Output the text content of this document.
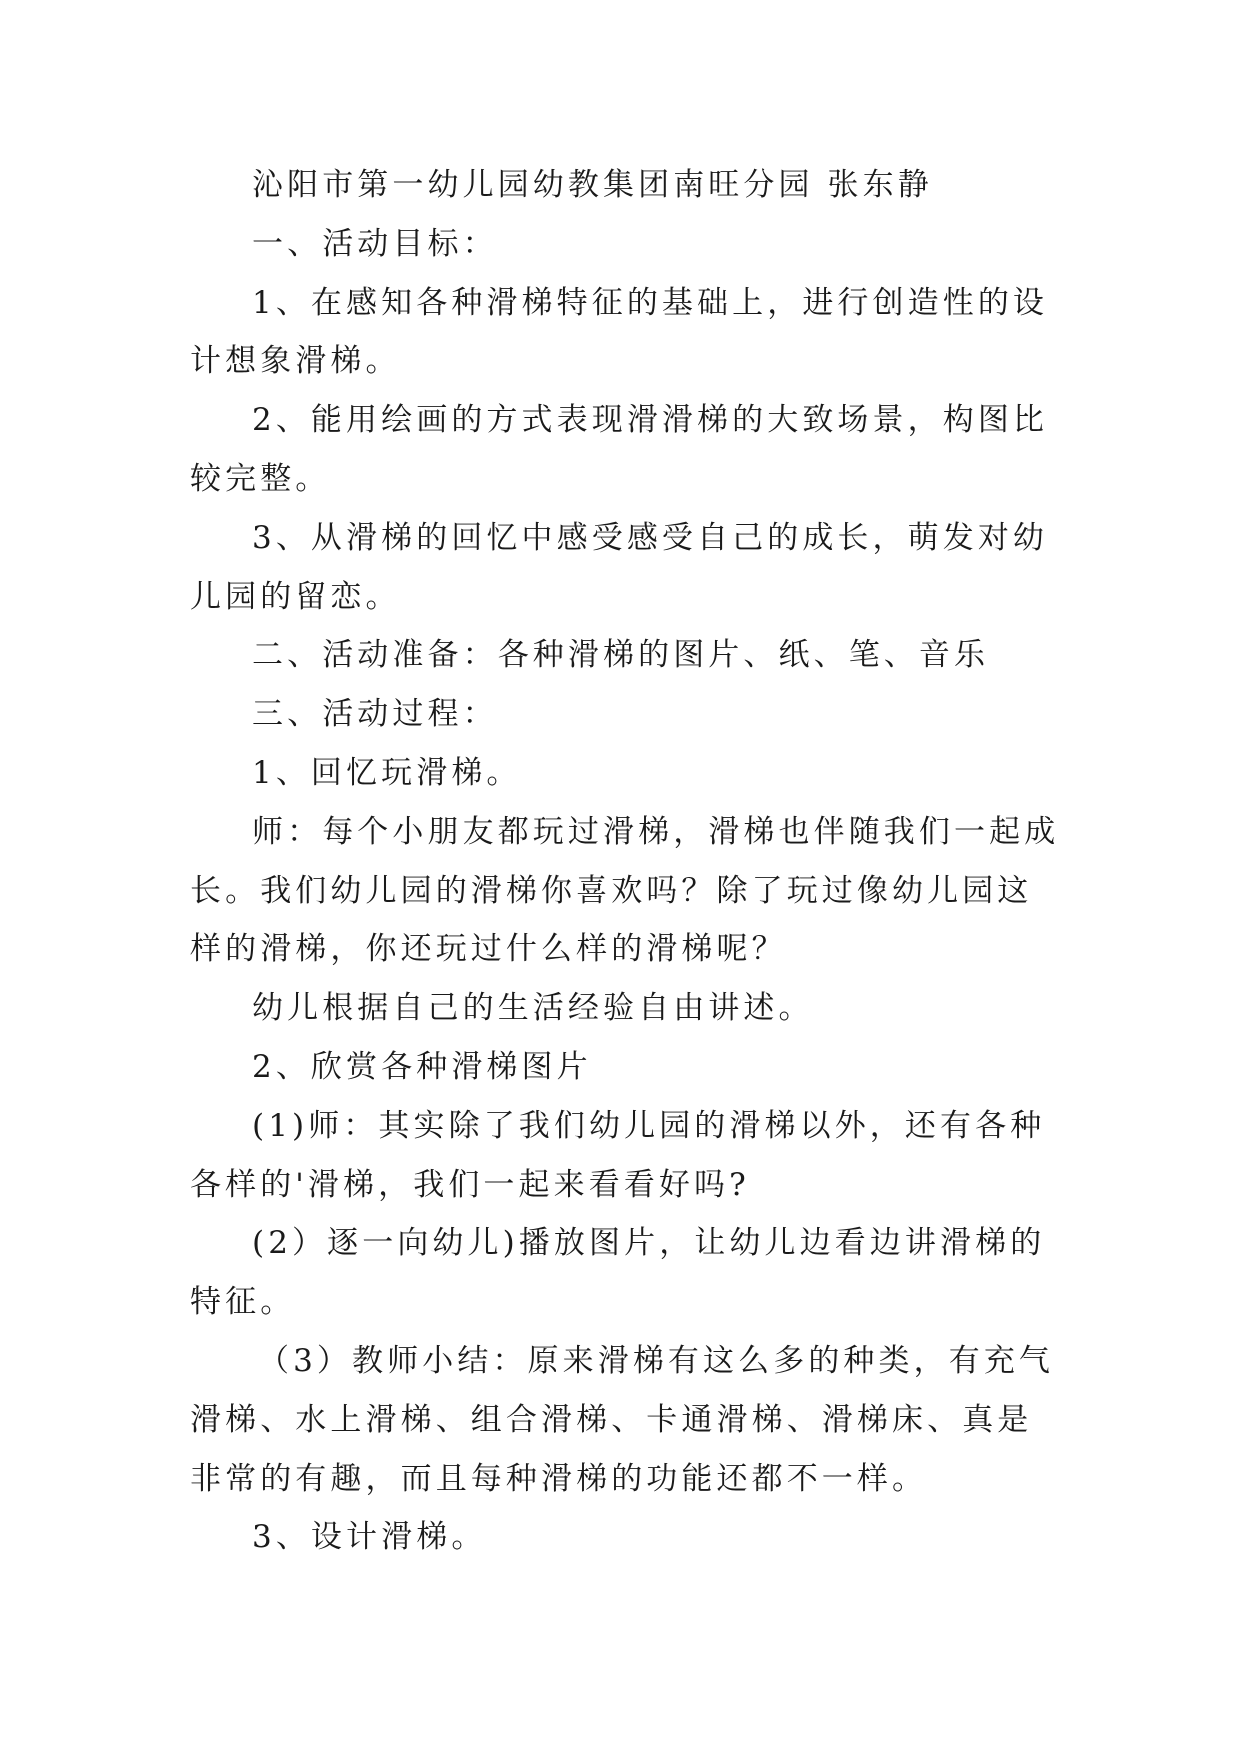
沁阳市第一幼儿园幼教集团南旺分园 张东静

一、活动目标：

1、在感知各种滑梯特征的基础上，进行创造性的设计想象滑梯。

2、能用绘画的方式表现滑滑梯的大致场景，构图比较完整。

3、从滑梯的回忆中感受感受自己的成长，萌发对幼儿园的留恋。

二、活动准备：各种滑梯的图片、纸、笔、音乐

三、活动过程：

1、回忆玩滑梯。

师：每个小朋友都玩过滑梯，滑梯也伴随我们一起成长。我们幼儿园的滑梯你喜欢吗？除了玩过像幼儿园这样的滑梯，你还玩过什么样的滑梯呢？

幼儿根据自己的生活经验自由讲述。

2、欣赏各种滑梯图片

(1)师：其实除了我们幼儿园的滑梯以外，还有各种各样的'滑梯，我们一起来看看好吗?

(2）逐一向幼儿)播放图片，让幼儿边看边讲滑梯的特征。

（3）教师小结：原来滑梯有这么多的种类，有充气滑梯、水上滑梯、组合滑梯、卡通滑梯、滑梯床、真是非常的有趣，而且每种滑梯的功能还都不一样。

3、设计滑梯。
